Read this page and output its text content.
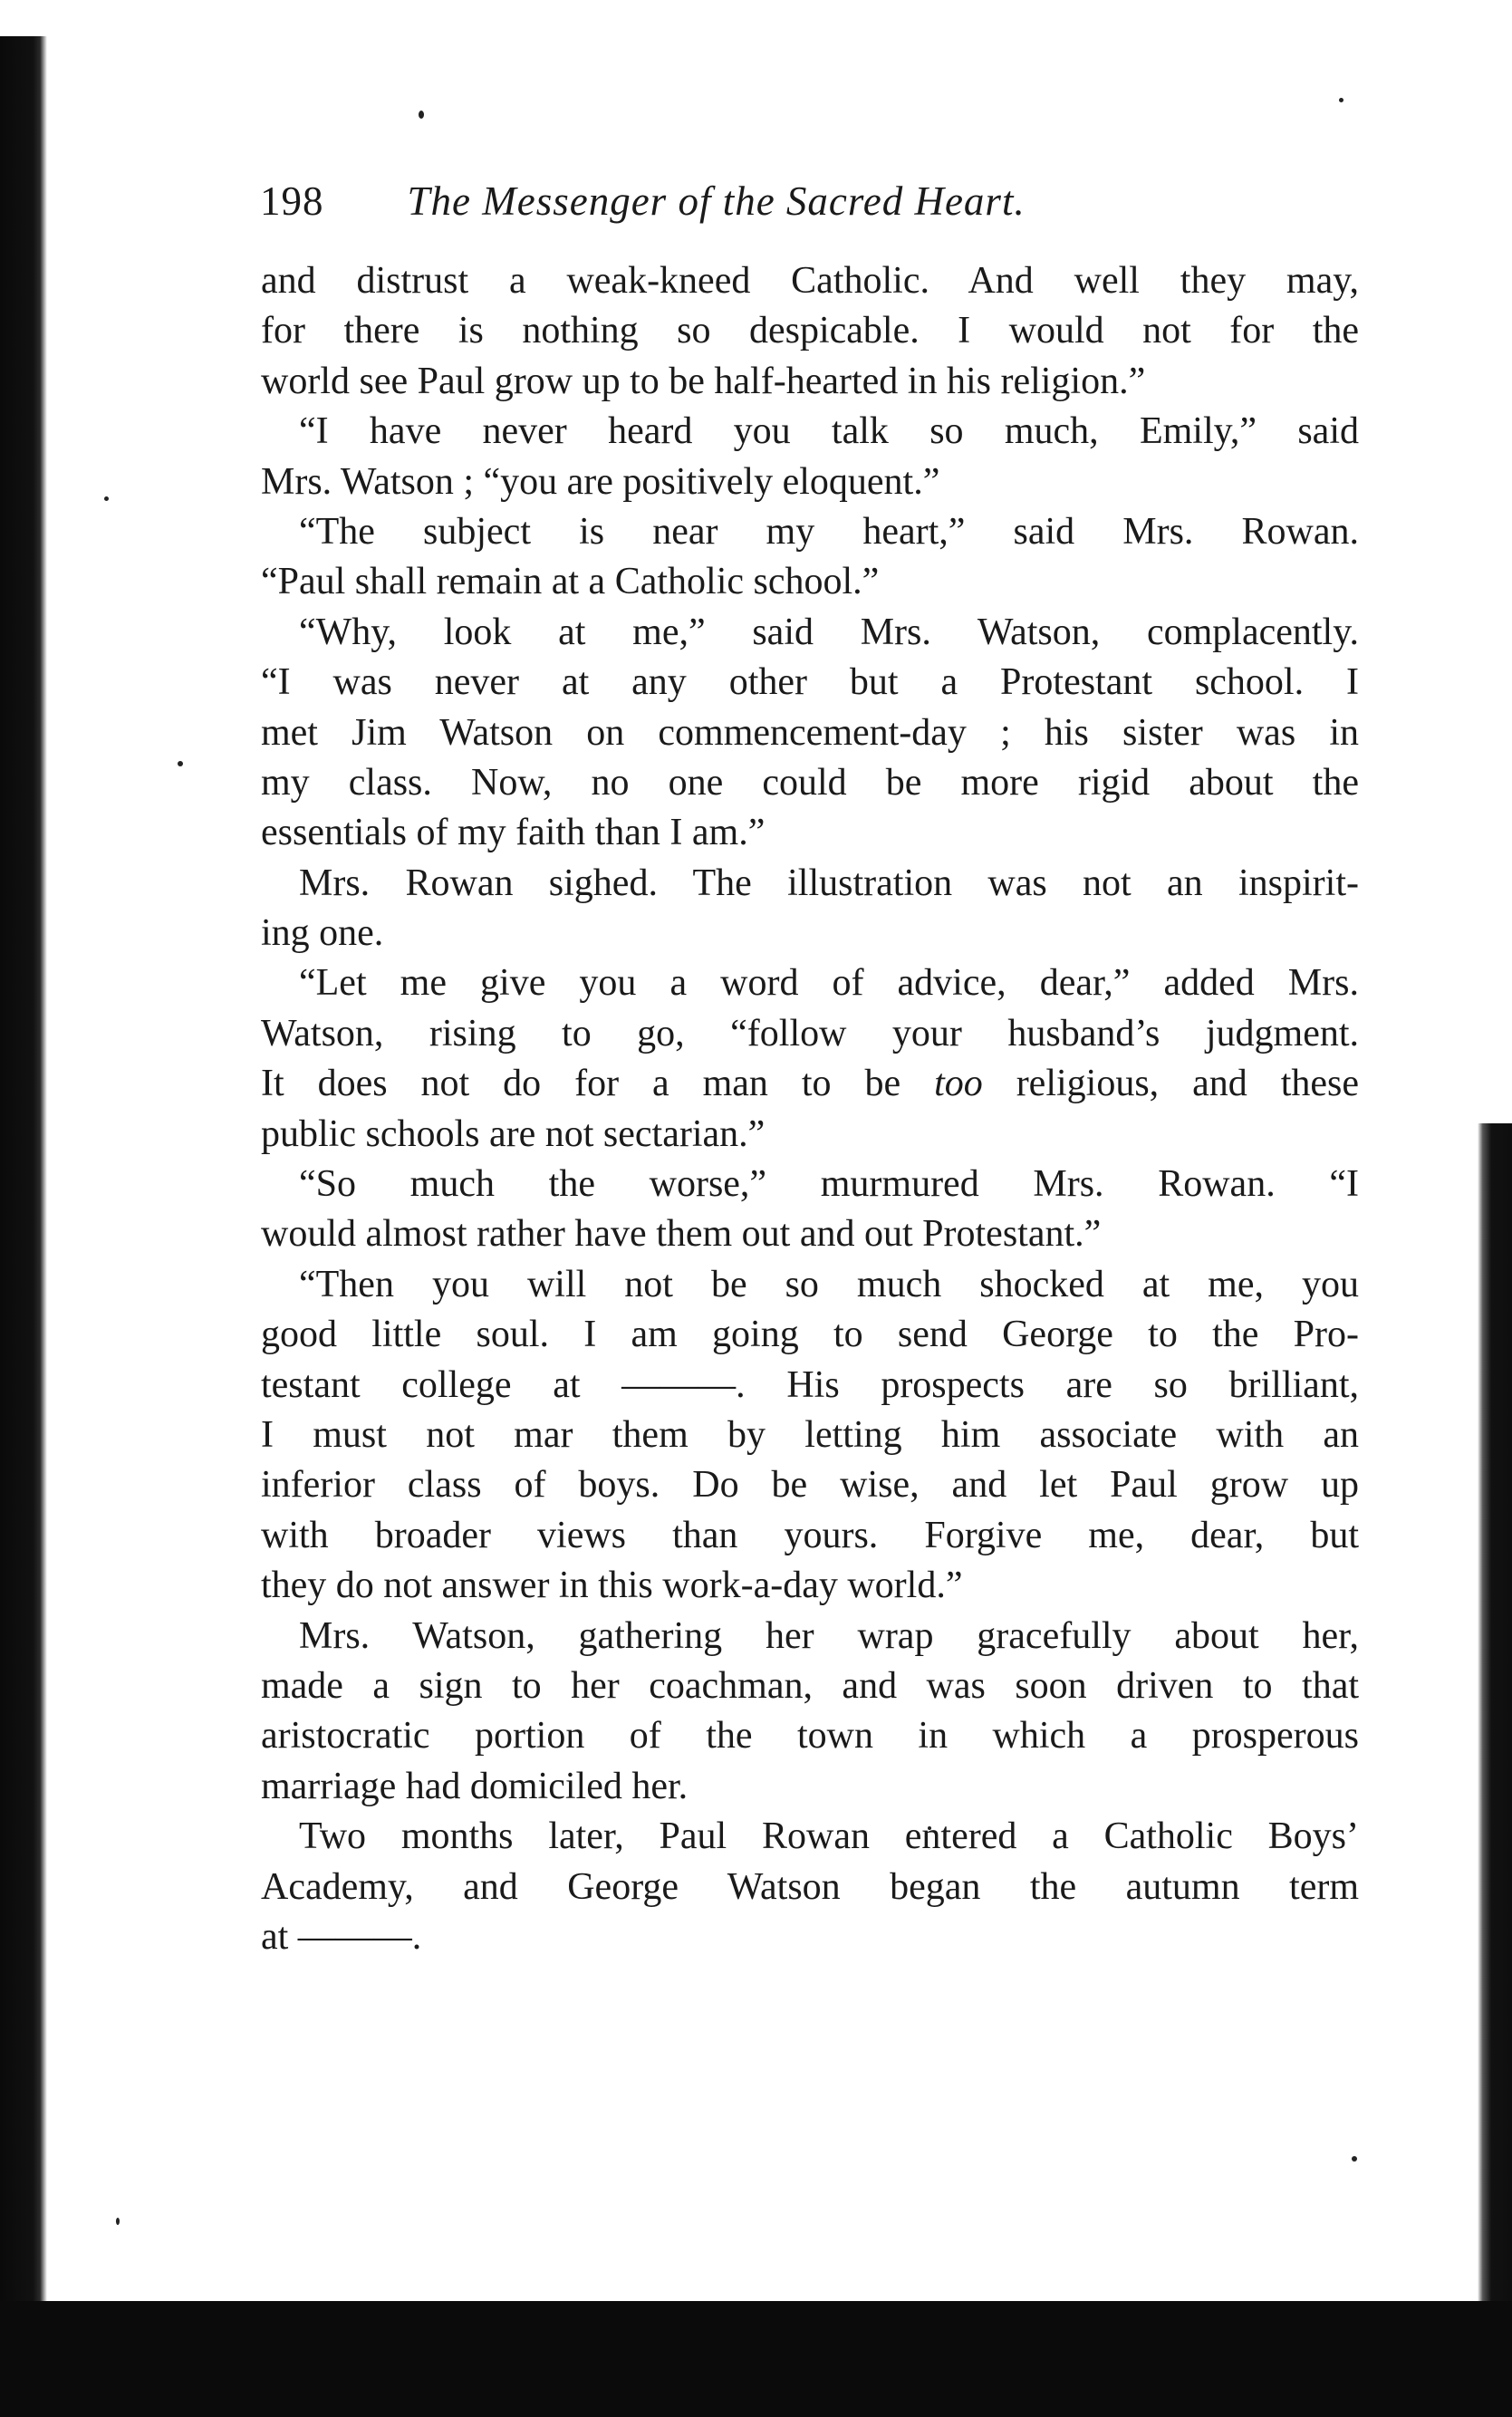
198 The Messenger of the Sacred Heart.
and distrust a weak-kneed Catholic. And well they may,
for there is nothing so despicable. I would not for the
world see Paul grow up to be half-hearted in his religion.”
“I have never heard you talk so much, Emily,” said
Mrs. Watson ; “you are positively eloquent.”
“The subject is near my heart,” said Mrs. Rowan.
“Paul shall remain at a Catholic school.”
“Why, look at me,” said Mrs. Watson, complacently.
“I was never at any other but a Protestant school. I
met Jim Watson on commencement-day ; his sister was in
my class. Now, no one could be more rigid about the
essentials of my faith than I am.”
Mrs. Rowan sighed. The illustration was not an inspirit-
ing one.
“Let me give you a word of advice, dear,” added Mrs.
Watson, rising to go, “follow your husband’s judgment.
It does not do for a man to be too religious, and these
public schools are not sectarian.”
“So much the worse,” murmured Mrs. Rowan. “I
would almost rather have them out and out Protestant.”
“Then you will not be so much shocked at me, you
good little soul. I am going to send George to the Pro-
testant college at ———. His prospects are so brilliant,
I must not mar them by letting him associate with an
inferior class of boys. Do be wise, and let Paul grow up
with broader views than yours. Forgive me, dear, but
they do not answer in this work-a-day world.”
Mrs. Watson, gathering her wrap gracefully about her,
made a sign to her coachman, and was soon driven to that
aristocratic portion of the town in which a prosperous
marriage had domiciled her.
Two months later, Paul Rowan entered a Catholic Boys’
Academy, and George Watson began the autumn term
at ———.
